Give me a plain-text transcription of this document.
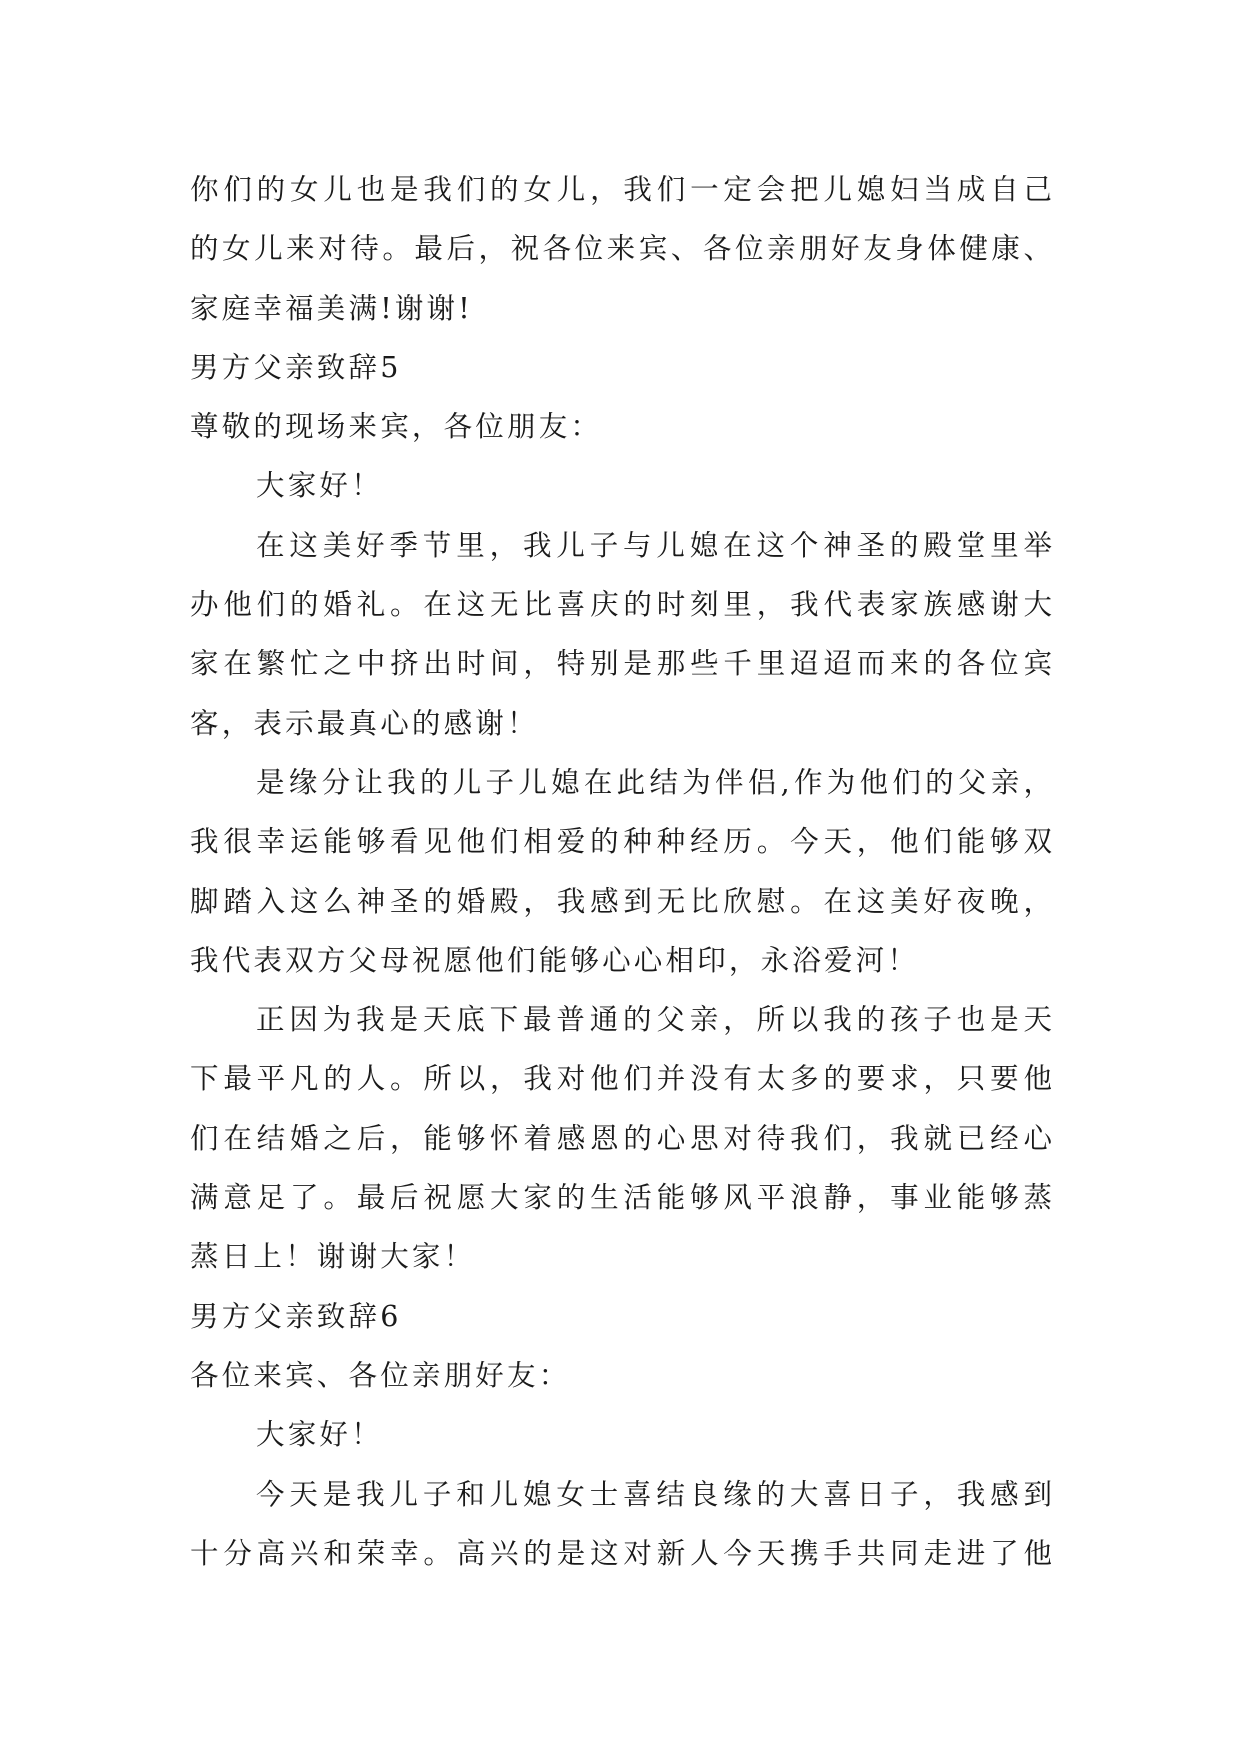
你们的女儿也是我们的女儿，我们一定会把儿媳妇当成自己
的女儿来对待。最后，祝各位来宾、各位亲朋好友身体健康、
家庭幸福美满!谢谢!
男方父亲致辞5
尊敬的现场来宾，各位朋友：
大家好！
在这美好季节里，我儿子与儿媳在这个神圣的殿堂里举
办他们的婚礼。在这无比喜庆的时刻里，我代表家族感谢大
家在繁忙之中挤出时间，特别是那些千里迢迢而来的各位宾
客，表示最真心的感谢！
是缘分让我的儿子儿媳在此结为伴侣,作为他们的父亲，
我很幸运能够看见他们相爱的种种经历。今天，他们能够双
脚踏入这么神圣的婚殿，我感到无比欣慰。在这美好夜晚，
我代表双方父母祝愿他们能够心心相印，永浴爱河！
正因为我是天底下最普通的父亲，所以我的孩子也是天
下最平凡的人。所以，我对他们并没有太多的要求，只要他
们在结婚之后，能够怀着感恩的心思对待我们，我就已经心
满意足了。最后祝愿大家的生活能够风平浪静，事业能够蒸
蒸日上！谢谢大家！
男方父亲致辞6
各位来宾、各位亲朋好友：
大家好！
今天是我儿子和儿媳女士喜结良缘的大喜日子，我感到
十分高兴和荣幸。高兴的是这对新人今天携手共同走进了他
